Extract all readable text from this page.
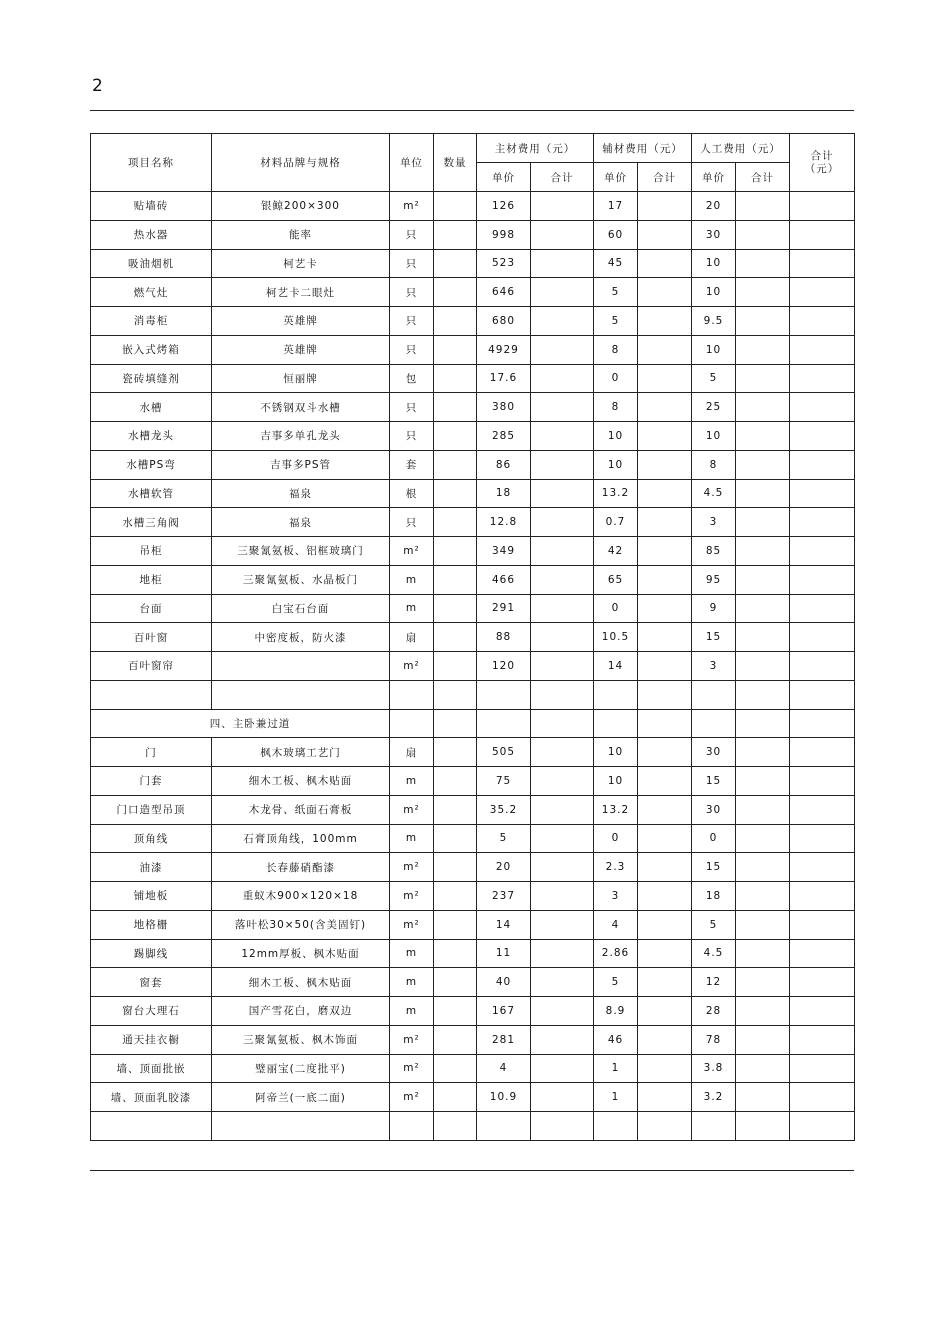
2
项目名称	材料品牌与规格	单位	数量	主材费用（元）		辅材费用（元）		人工费用（元）		合计（元）

				单价	合计	单价	合计	单价	合计	
贴墙砖	银鲸200×300	m²		126		17		20		
热水器	能率	只		998		60		30		
吸油烟机	柯艺卡	只		523		45		10		
燃气灶	柯艺卡二眼灶	只		646		5		10		
消毒柜	英雄牌	只		680		5		9.5		
嵌入式烤箱	英雄牌	只		4929		8		10		
瓷砖填缝剂	恒丽牌	包		17.6		0		5		
水槽	不锈钢双斗水槽	只		380		8		25		
水槽龙头	吉事多单孔龙头	只		285		10		10		
水槽PS弯	吉事多PS管	套		86		10		8		
水槽软管	福泉	根		18		13.2		4.5		
水槽三角阀	福泉	只		12.8		0.7		3		
吊柜	三聚氰氨板、铝框玻璃门	m²		349		42		85		
地柜	三聚氰氨板、水晶板门	m		466		65		95		
台面	白宝石台面	m		291		0		9		
百叶窗	中密度板，防火漆	扇		88		10.5		15		
百叶窗帘		m²		120		14		3		

四、主卧兼过道										
门	枫木玻璃工艺门	扇		505		10		30		
门套	细木工板、枫木贴面	m		75		10		15		
门口造型吊顶	木龙骨、纸面石膏板	m²		35.2		13.2		30		
顶角线	石膏顶角线，100mm	m		5		0		0		
油漆	长春藤硝酯漆	m²		20		2.3		15		
铺地板	重蚁木900×120×18	m²		237		3		18		
地格栅	落叶松30×50(含美固钉)	m²		14		4		5		
踢脚线	12mm厚板、枫木贴面	m		11		2.86		4.5		
窗套	细木工板、枫木贴面	m		40		5		12		
窗台大理石	国产雪花白，磨双边	m		167		8.9		28		
通天挂衣橱	三聚氰氨板、枫木饰面	m²		281		46		78		
墙、顶面批嵌	璧丽宝(二度批平)	m²		4		1		3.8		
墙、顶面乳胶漆	阿帝兰(一底二面)	m²		10.9		1		3.2		
